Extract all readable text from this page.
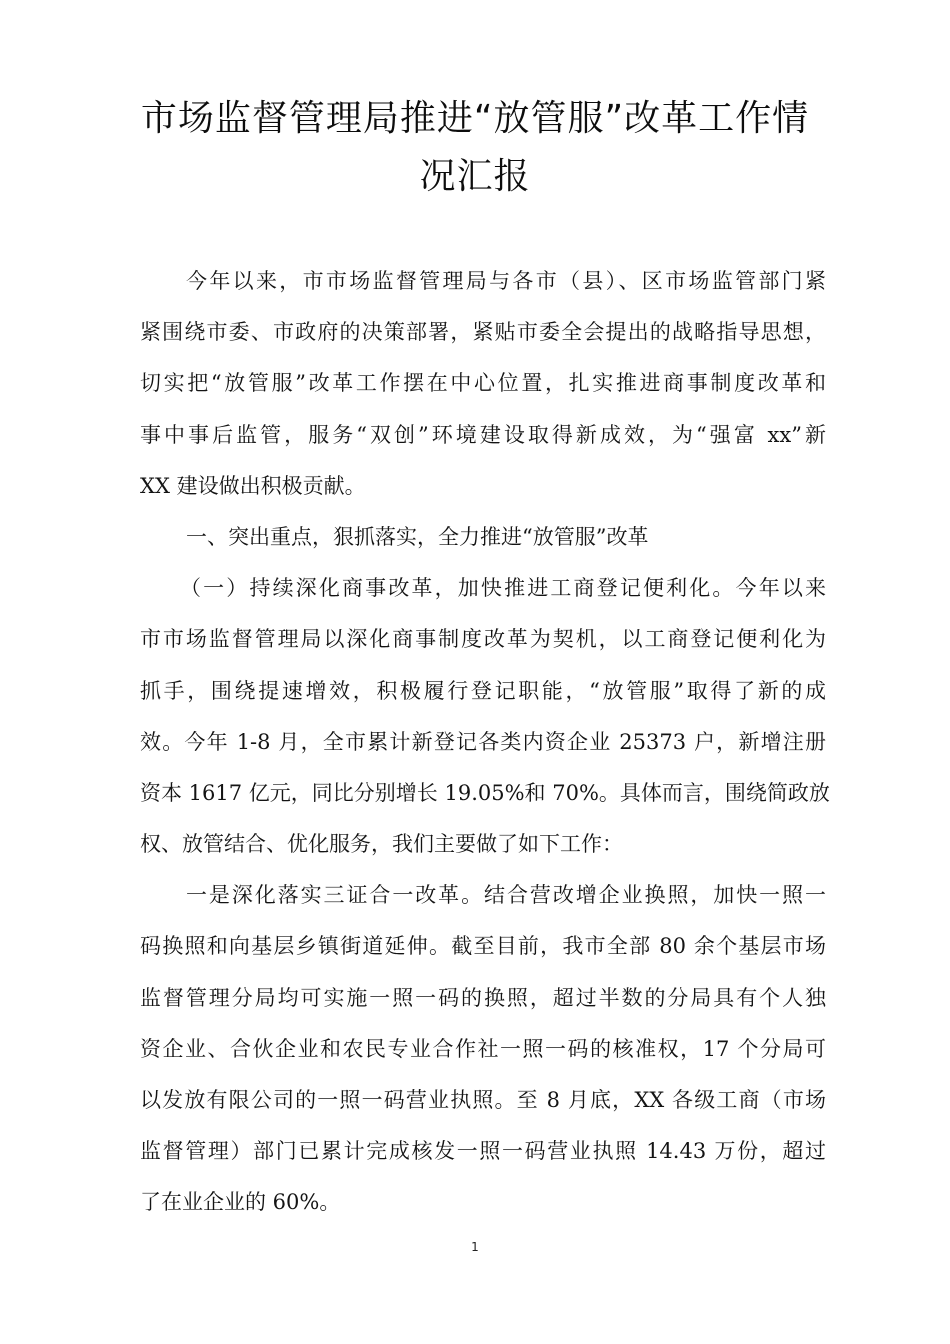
市场监督管理局推进“放管服”改革工作情
况汇报
今年以来，市市场监督管理局与各市（县）、区市场监管部门紧
紧围绕市委、市政府的决策部署，紧贴市委全会提出的战略指导思想，
切实把“放管服”改革工作摆在中心位置，扎实推进商事制度改革和
事中事后监管，服务“双创”环境建设取得新成效，为“强富 xx”新
XX 建设做出积极贡献。
一、突出重点，狠抓落实，全力推进“放管服”改革
（一）持续深化商事改革，加快推进工商登记便利化。今年以来
市市场监督管理局以深化商事制度改革为契机，以工商登记便利化为
抓手，围绕提速增效，积极履行登记职能，“放管服”取得了新的成
效。今年 1-8 月，全市累计新登记各类内资企业 25373 户，新增注册
资本 1617 亿元，同比分别增长 19.05%和 70%。具体而言，围绕简政放
权、放管结合、优化服务，我们主要做了如下工作：
一是深化落实三证合一改革。结合营改增企业换照，加快一照一
码换照和向基层乡镇街道延伸。截至目前，我市全部 80 余个基层市场
监督管理分局均可实施一照一码的换照，超过半数的分局具有个人独
资企业、合伙企业和农民专业合作社一照一码的核准权，17 个分局可
以发放有限公司的一照一码营业执照。至 8 月底，XX 各级工商（市场
监督管理）部门已累计完成核发一照一码营业执照 14.43 万份，超过
了在业企业的 60%。
1
